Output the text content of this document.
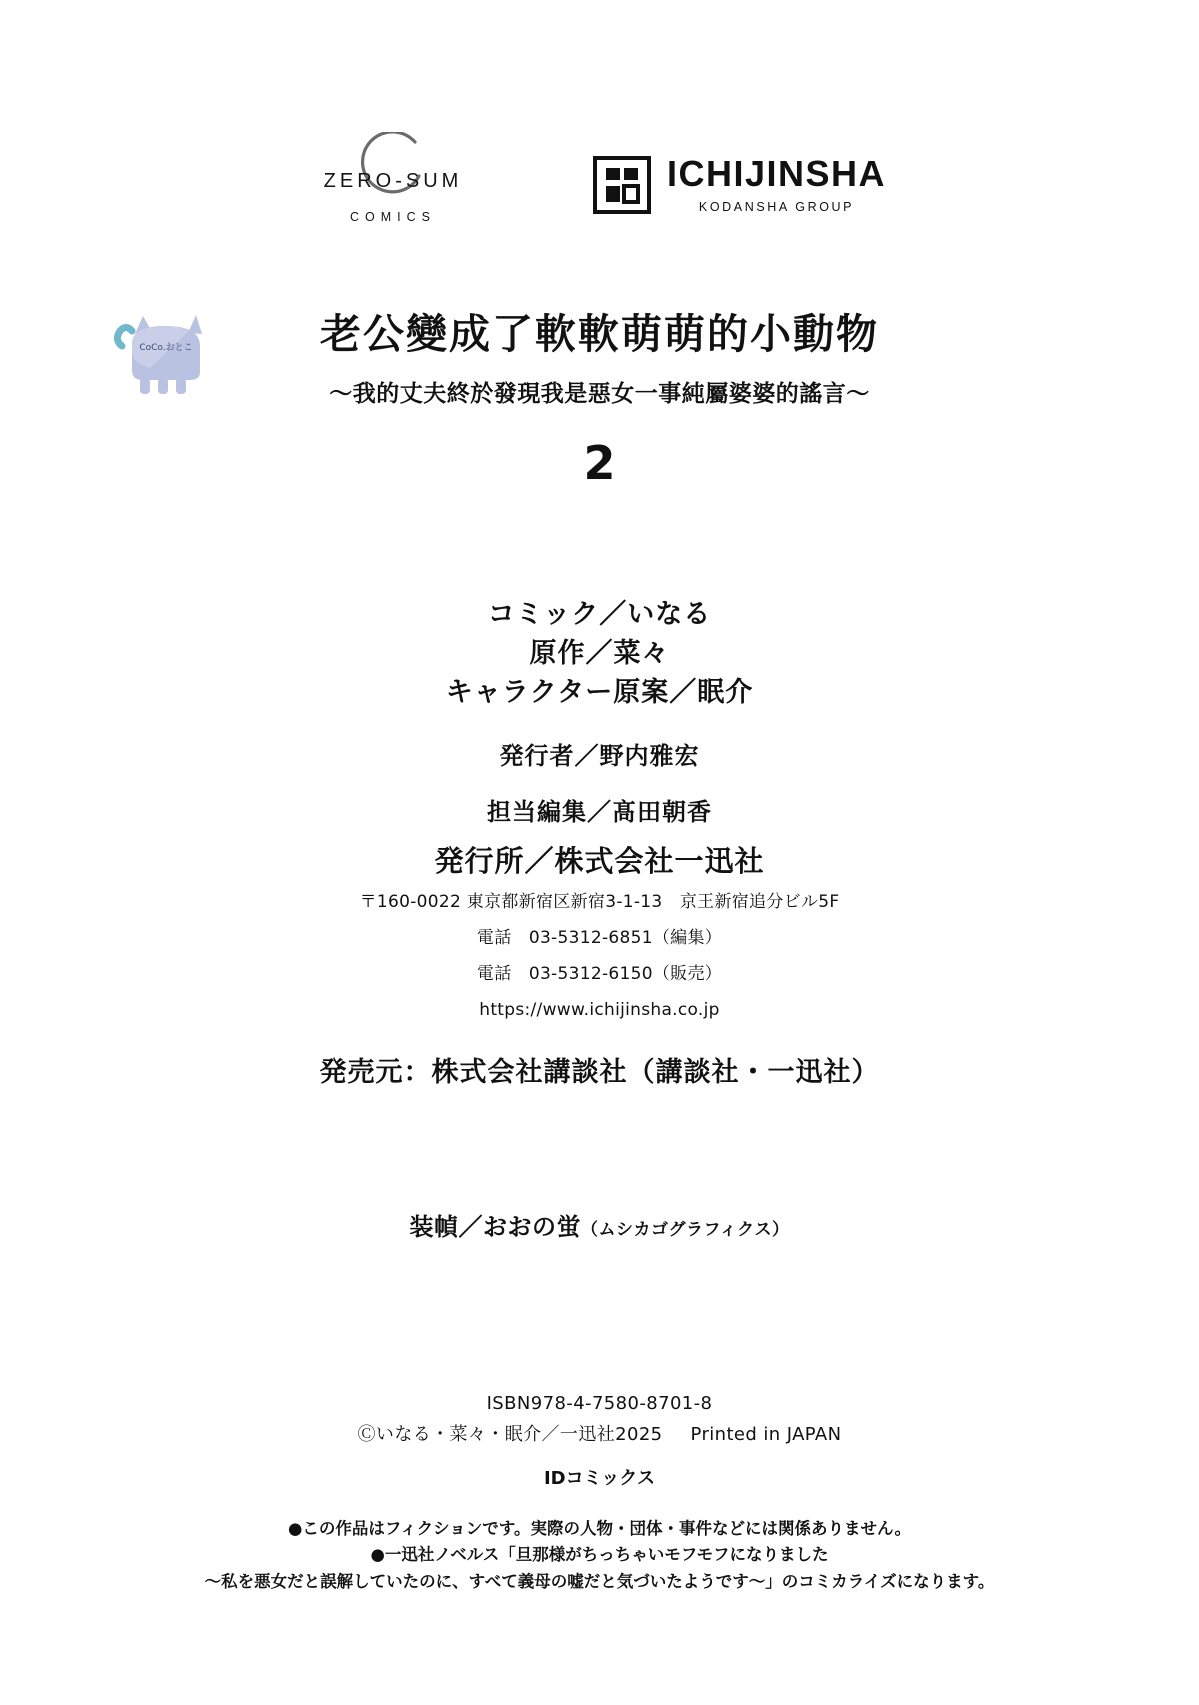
ZERO-SUM
COMICS
ICHIJINSHA
KODANSHA GROUP
CoCo.おとこ	老公變成了軟軟萌萌的小動物
～我的丈夫終於發現我是惡女一事純屬婆婆的謠言～
2
コミック／いなる
原作／菜々
キャラクター原案／眠介
発行者／野内雅宏
担当編集／髙田朝香
発行所／株式会社一迅社
〒160-0022 東京都新宿区新宿3-1-13　京王新宿追分ビル5F
電話　03-5312-6851（編集）
電話　03-5312-6150（販売）
https://www.ichijinsha.co.jp
発売元：株式会社講談社（講談社・一迅社）
装幀／おおの蛍（ムシカゴグラフィクス）
ISBN978-4-7580-8701-8
Ⓒいなる・菜々・眠介／一迅社2025 Printed in JAPAN
IDコミックス
●この作品はフィクションです。実際の人物・団体・事件などには関係ありません。
●一迅社ノベルス「旦那様がちっちゃいモフモフになりました
～私を悪女だと誤解していたのに、すべて義母の嘘だと気づいたようです～」のコミカライズになります。
